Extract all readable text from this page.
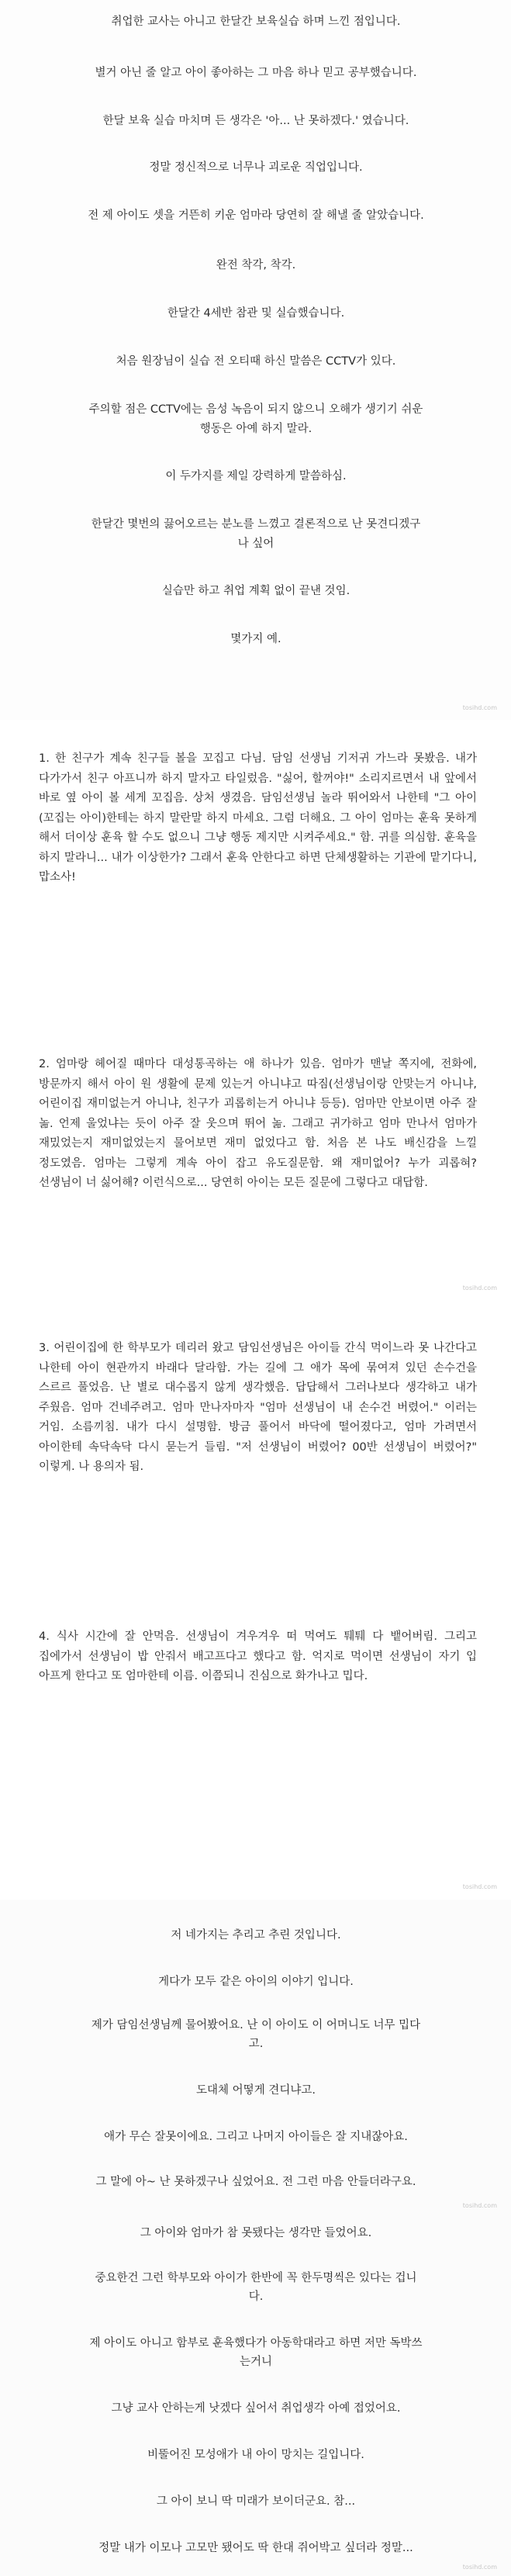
취업한 교사는 아니고 한달간 보육실습 하며 느낀 점입니다.

별거 아닌 줄 알고 아이 좋아하는 그 마음 하나 믿고 공부했습니다.

한달 보육 실습 마치며 든 생각은 '아... 난 못하겠다.' 였습니다.

정말 정신적으로 너무나 괴로운 직업입니다.

전 제 아이도 셋을 거뜬히 키운 엄마라 당연히 잘 해낼 줄 알았습니다.

완전 착각, 착각.

한달간 4세반 참관 및 실습했습니다.

처음 원장님이 실습 전 오티때 하신 말씀은 CCTV가 있다.

주의할 점은 CCTV에는 음성 녹음이 되지 않으니 오해가 생기기 쉬운

행동은 아예 하지 말라.

이 두가지를 제일 강력하게 말씀하심.

한달간 몇번의 끓어오르는 분노를 느꼈고 결론적으로 난 못견디겠구

나 싶어

실습만 하고 취업 계획 없이 끝낸 것임.

몇가지 예.

tosihd.com

1. 한 친구가 계속 친구들 볼을 꼬집고 다님. 담임 선생님 기저귀 가느라 못봤음. 내가 다가가서 친구 아프니까 하지 말자고 타일렀음. "싫어, 할꺼야!" 소리지르면서 내 앞에서 바로 옆 아이 볼 세게 꼬집음. 상처 생겼음. 담임선생님 놀라 뛰어와서 나한테 "그 아이(꼬집는 아이)한테는 하지 말란말 하지 마세요. 그럼 더해요. 그 아이 엄마는 훈육 못하게 해서 더이상 훈육 할 수도 없으니 그냥 행동 제지만 시켜주세요." 함. 귀를 의심함. 훈육을 하지 말라니... 내가 이상한가? 그래서 훈육 안한다고 하면 단체생활하는 기관에 맡기다니, 맙소사!

2. 엄마랑 헤어질 때마다 대성통곡하는 애 하나가 있음. 엄마가 맨날 쪽지에, 전화에, 방문까지 해서 아이 원 생활에 문제 있는거 아니냐고 따짐(선생님이랑 안맞는거 아니냐, 어린이집 재미없는거 아니냐, 친구가 괴롭히는거 아니냐 등등). 엄마만 안보이면 아주 잘 놂. 언제 울었냐는 듯이 아주 잘 웃으며 뛰어 놂. 그래고 귀가하고 엄마 만나서 엄마가 재밌었는지 재미없었는지 물어보면 재미 없었다고 함. 처음 본 나도 배신감을 느낄 정도였음. 엄마는 그렇게 계속 아이 잡고 유도질문함. 왜 재미없어? 누가 괴롭혀? 선생님이 너 싫어해? 이런식으로... 당연히 아이는 모든 질문에 그렇다고 대답함.

tosihd.com

3. 어린이집에 한 학부모가 데리러 왔고 담임선생님은 아이들 간식 먹이느라 못 나간다고 나한테 아이 현관까지 바래다 달라함. 가는 길에 그 애가 목에 묶여져 있던 손수건을 스르르 풀었음. 난 별로 대수롭지 않게 생각했음. 답답해서 그러나보다 생각하고 내가 주웠음. 엄마 건네주려고. 엄마 만나자마자 "엄마 선생님이 내 손수건 버렸어." 이러는 거임. 소름끼침. 내가 다시 설명함. 방금 풀어서 바닥에 떨어졌다고, 엄마 가려면서 아이한테 속닥속닥 다시 묻는거 들림. "저 선생님이 버렸어? 00반 선생님이 버렸어?" 이렇게. 나 용의자 됨.

4. 식사 시간에 잘 안먹음. 선생님이 겨우겨우 떠 먹여도 퉤퉤 다 뱉어버림. 그리고 집에가서 선생님이 밥 안줘서 배고프다고 했다고 함. 억지로 먹이면 선생님이 자기 입 아프게 한다고 또 엄마한테 이름. 이쯤되니 진심으로 화가나고 밉다.

tosihd.com

저 네가지는 추리고 추린 것입니다.

게다가 모두 같은 아이의 이야기 입니다.

제가 담임선생님께 물어봤어요. 난 이 아이도 이 어머니도 너무 밉다

고.

도대체 어떻게 견디냐고.

애가 무슨 잘못이에요. 그리고 나머지 아이들은 잘 지내잖아요.

그 말에 아~ 난 못하겠구나 싶었어요. 전 그런 마음 안들더라구요.

tosihd.com

그 아이와 엄마가 참 못됐다는 생각만 들었어요.

중요한건 그런 학부모와 아이가 한반에 꼭 한두명씩은 있다는 겁니

다.

제 아이도 아니고 함부로 훈육했다가 아동학대라고 하면 저만 독박쓰

는거니

그냥 교사 안하는게 낫겠다 싶어서 취업생각 아예 접었어요.

비뚤어진 모성애가 내 아이 망치는 길입니다.

그 아이 보니 딱 미래가 보이더군요. 참...

정말 내가 이모나 고모만 됐어도 딱 한대 쥐어박고 싶더라 정말...

tosihd.com
